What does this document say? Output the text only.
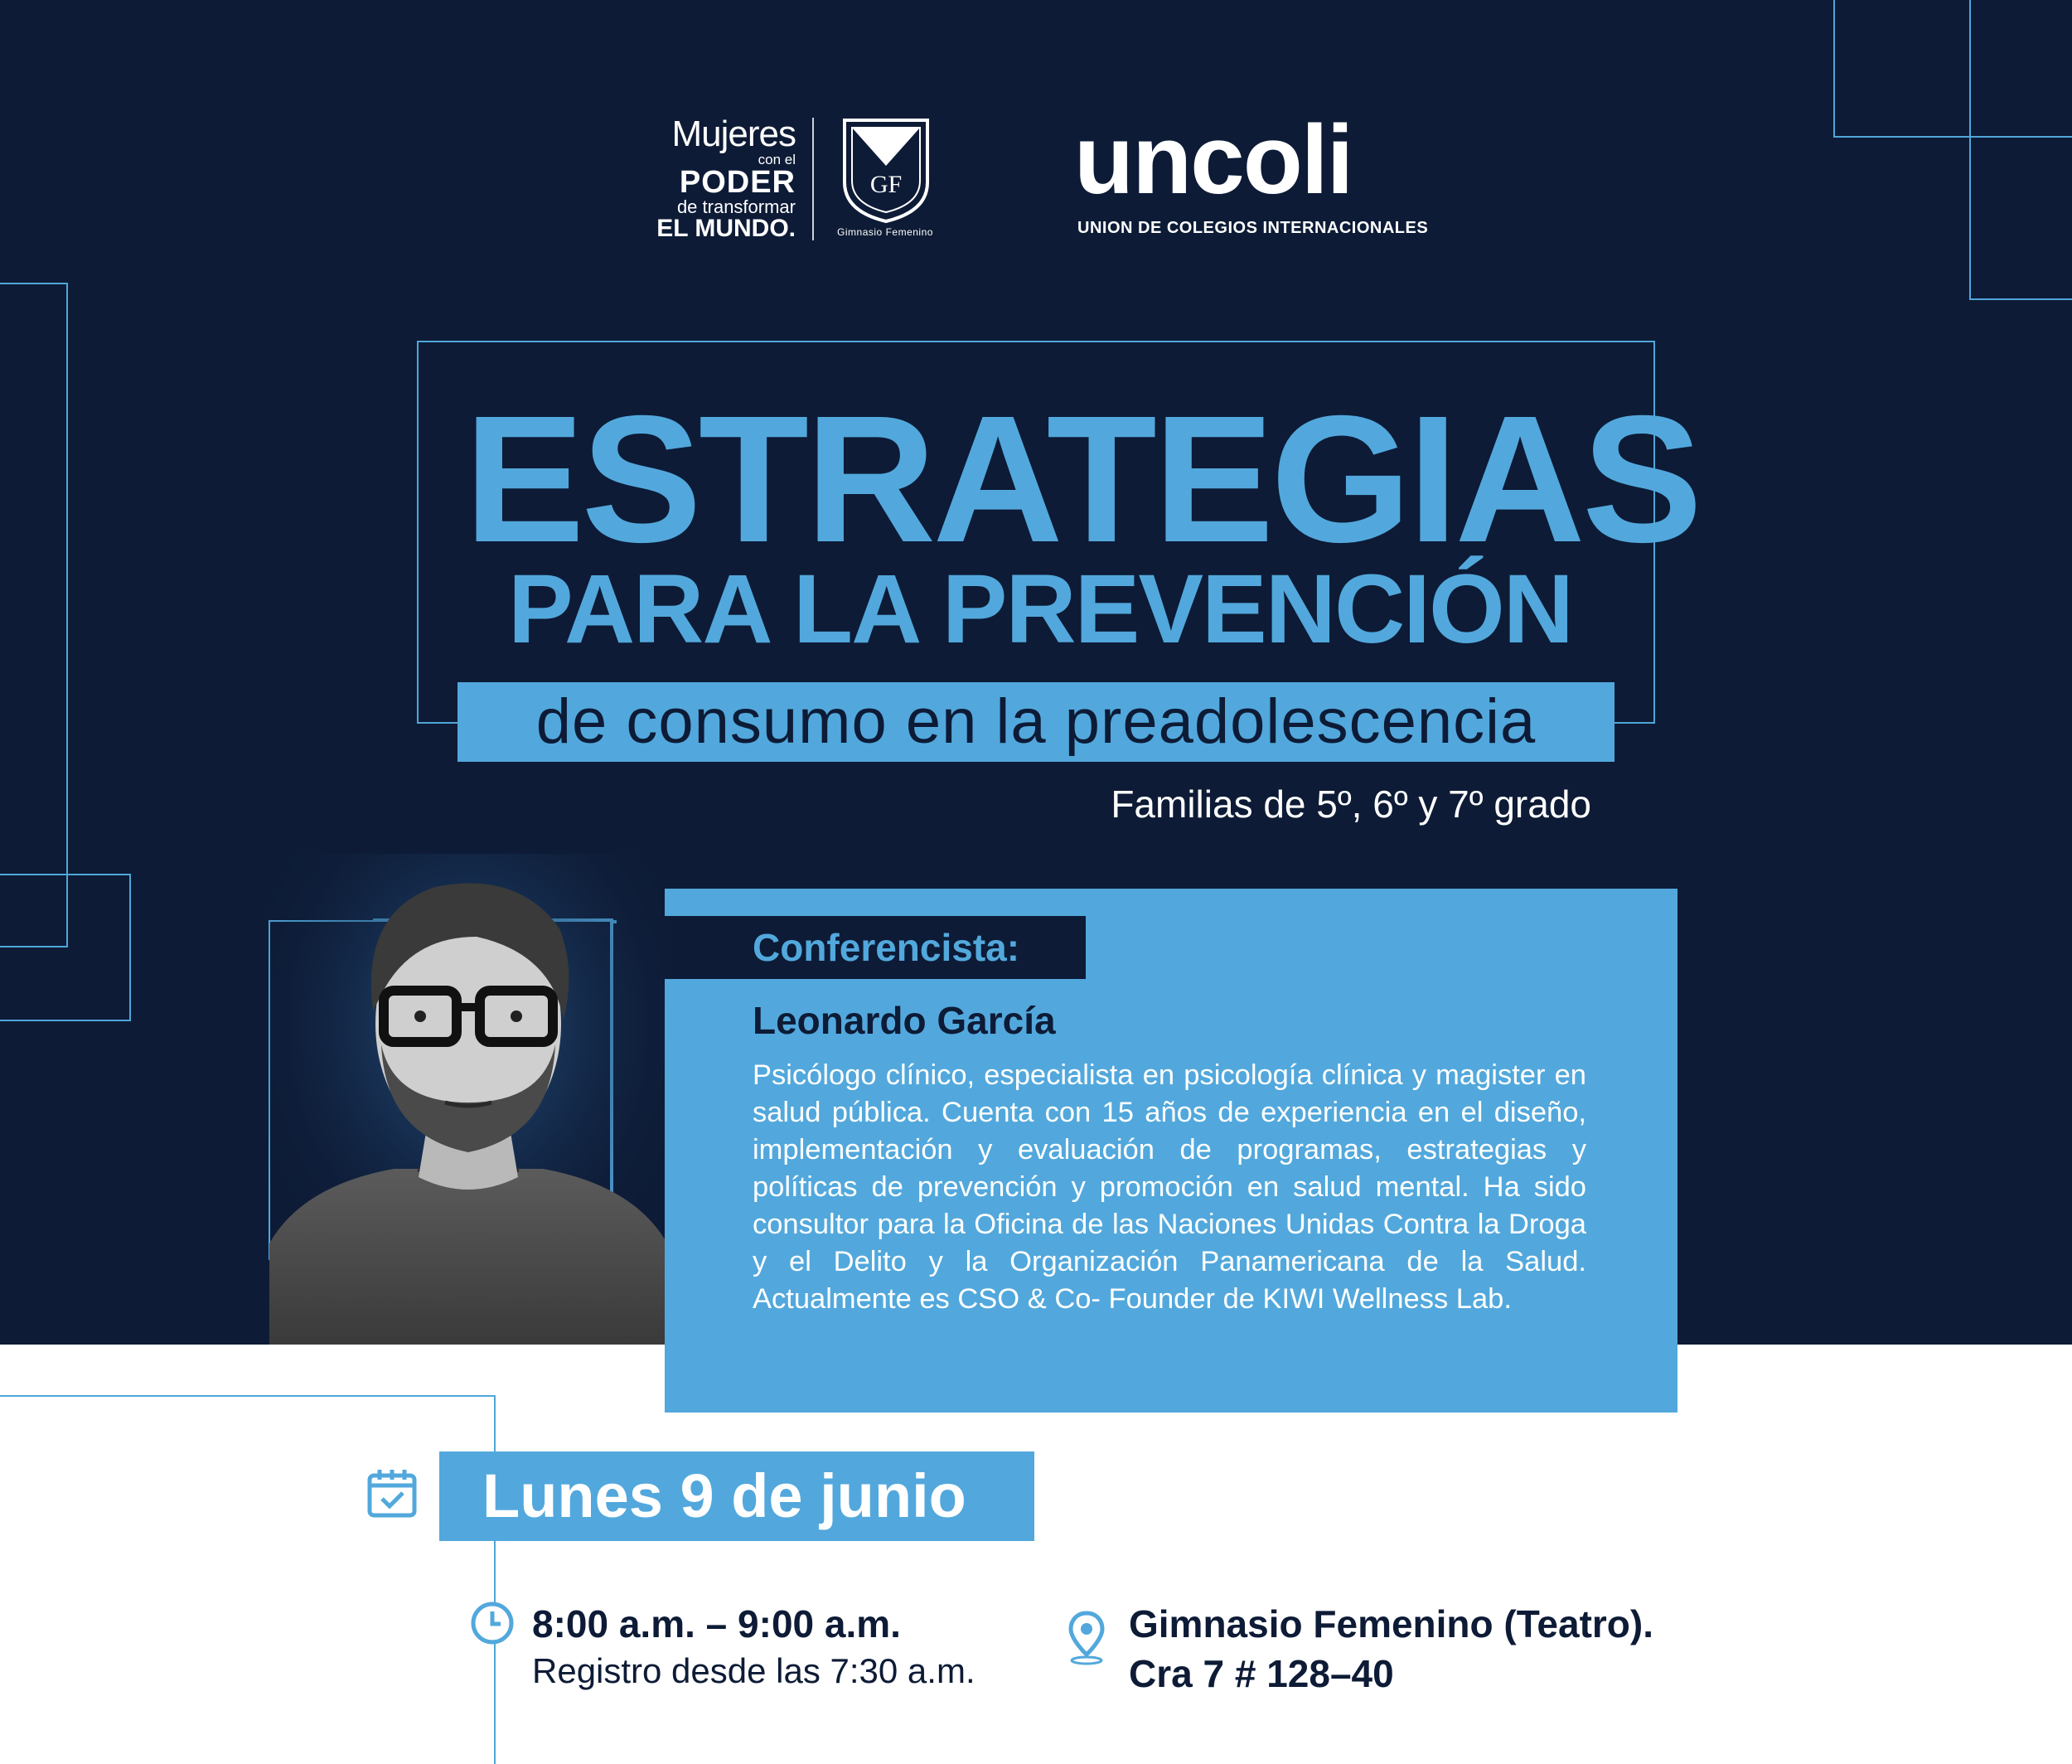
Mujeres
con el
PODER
de transformar
EL MUNDO.
GF
Gimnasio Femenino
uncoli
UNION DE COLEGIOS INTERNACIONALES
ESTRATEGIAS
PARA LA PREVENCIÓN
de consumo en la preadolescencia
Familias de 5º, 6º y 7º grado
Conferencista:
Leonardo García
Psicólogo clínico, especialista en psicología clínica y magister en salud pública. Cuenta con 15 años de experiencia en el diseño, implementación y evaluación de programas, estrategias y políticas de prevención y promoción en salud mental. Ha sido consultor para la Oficina de las Naciones Unidas Contra la Droga y el Delito y la Organización Panamericana de la Salud. Actualmente es CSO & Co- Founder de KIWI Wellness Lab.
Lunes 9 de junio
8:00 a.m. – 9:00 a.m.
Registro desde las 7:30 a.m.
Gimnasio Femenino (Teatro).
Cra 7 # 128–40
